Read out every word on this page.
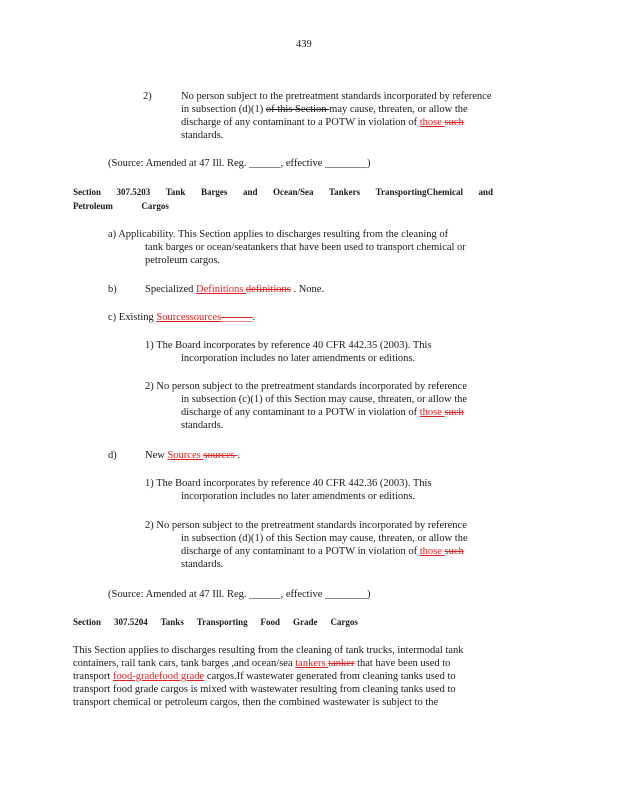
439
2)	No person subject to the pretreatment standards incorporated by reference
in subsection (d)(1) of this Section may cause, threaten, or allow the
discharge of any contaminant to a POTW in violation of those such
standards.
(Source: Amended at 47 Ill. Reg. ______, effective ________)
Section 307.5203 Tank Barges and Ocean/Sea Tankers TransportingChemical and
Petroleum	Cargos
a) Applicability. This Section applies to discharges resulting from the cleaning of
tank barges or ocean/seatankers that have been used to transport chemical or
petroleum cargos.
b)	Specialized Definitions definitions . None.
c) Existing Sourcessources______.
1) The Board incorporates by reference 40 CFR 442.35 (2003). This
incorporation includes no later amendments or editions.
2) No person subject to the pretreatment standards incorporated by reference
in subsection (c)(1) of this Section may cause, threaten, or allow the
discharge of any contaminant to a POTW in violation of those such
standards.
d)	New Sources sources .
1) The Board incorporates by reference 40 CFR 442.36 (2003). This
incorporation includes no later amendments or editions.
2) No person subject to the pretreatment standards incorporated by reference
in subsection (d)(1) of this Section may cause, threaten, or allow the
discharge of any contaminant to a POTW in violation of those such
standards.
(Source: Amended at 47 Ill. Reg. ______, effective ________)
Section 307.5204 Tanks Transporting Food Grade Cargos
This Section applies to discharges resulting from the cleaning of tank trucks, intermodal tank
containers, rail tank cars, tank barges ,and ocean/sea tankers tanker that have been used to
transport food-gradefood grade cargos.If wastewater generated from cleaning tanks used to
transport food grade cargos is mixed with wastewater resulting from cleaning tanks used to
transport chemical or petroleum cargos, then the combined wastewater is subject to the
